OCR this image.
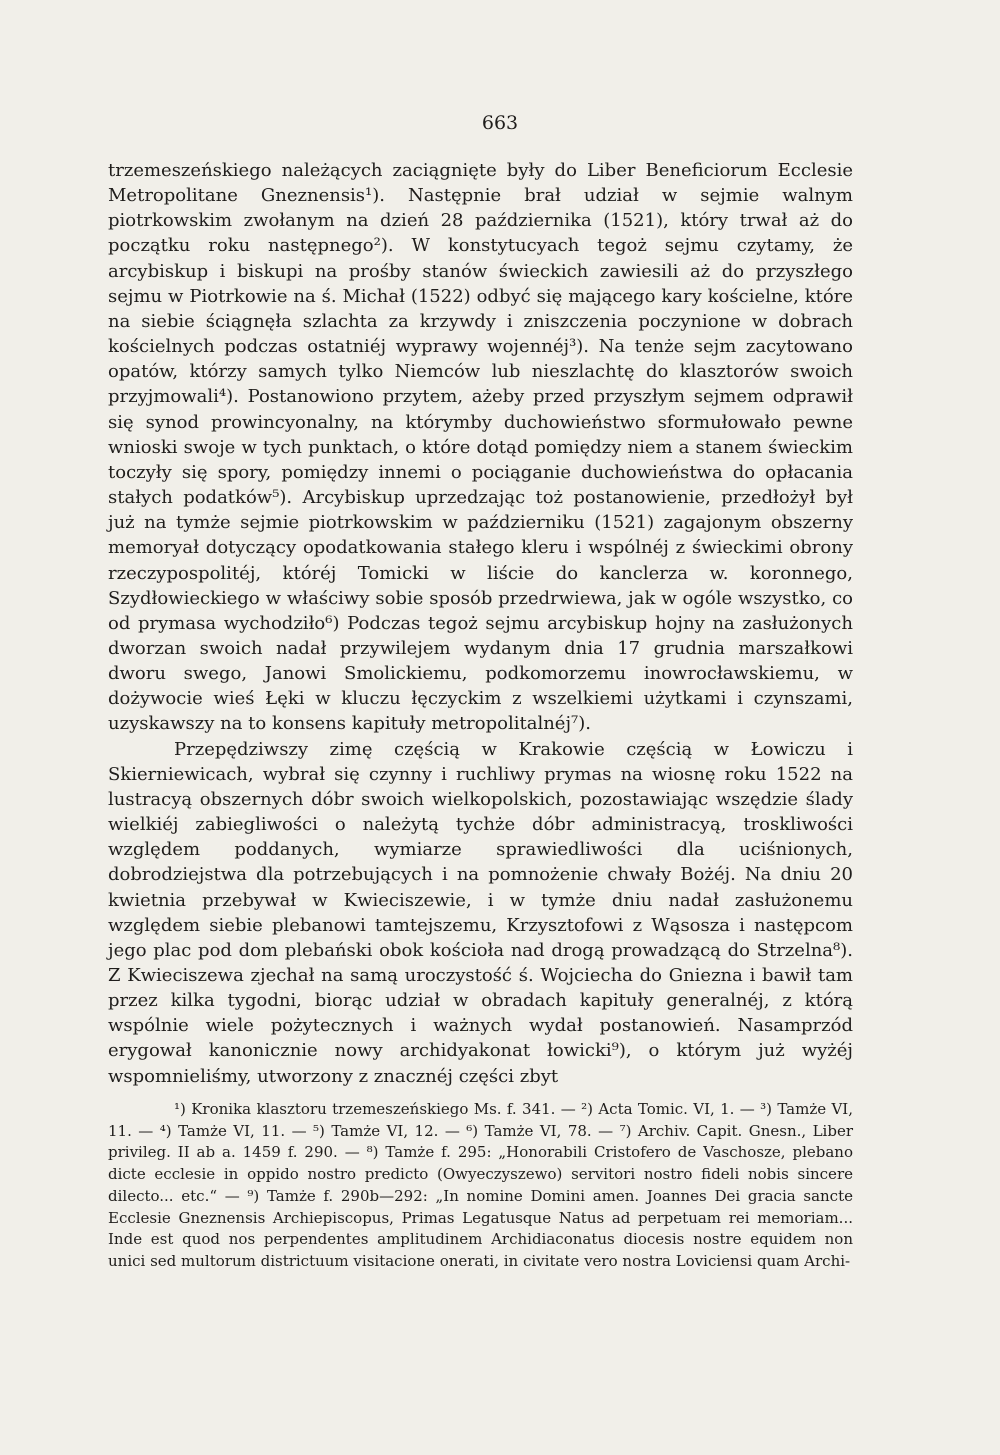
663

trzemeszeńskiego należących zaciągnięte były do Liber Beneficiorum Ecclesie Metropolitane Gneznensis¹). Następnie brał udział w sejmie walnym piotrkowskim zwołanym na dzień 28 października (1521), który trwał aż do początku roku następnego²). W konstytucyach tegoż sejmu czytamy, że arcybiskup i biskupi na prośby stanów świeckich zawiesili aż do przyszłego sejmu w Piotrkowie na ś. Michał (1522) odbyć się mającego kary kościelne, które na siebie ściągnęła szlachta za krzywdy i zniszczenia poczynione w dobrach kościelnych podczas ostatniéj wyprawy wojennéj³). Na tenże sejm zacytowano opatów, którzy samych tylko Niemców lub nieszlachtę do klasztorów swoich przyjmowali⁴). Postanowiono przytem, ażeby przed przyszłym sejmem odprawił się synod prowincyonalny, na którymby duchowieństwo sformułowało pewne wnioski swoje w tych punktach, o które dotąd pomiędzy niem a stanem świeckim toczyły się spory, pomiędzy innemi o pociąganie duchowieństwa do opłacania stałych podatków⁵). Arcybiskup uprzedzając toż postanowienie, przedłożył był już na tymże sejmie piotrkowskim w październiku (1521) zagajonym obszerny memoryał dotyczący opodatkowania stałego kleru i wspólnéj z świeckimi obrony rzeczypospolitéj, któréj Tomicki w liście do kanclerza w. koronnego, Szydłowieckiego w właściwy sobie sposób przedrwiewa, jak w ogóle wszystko, co od prymasa wychodziło⁶) Podczas tegoż sejmu arcybiskup hojny na zasłużonych dworzan swoich nadał przywilejem wydanym dnia 17 grudnia marszałkowi dworu swego, Janowi Smolickiemu, podkomorzemu inowrocławskiemu, w dożywocie wieś Łęki w kluczu łęczyckim z wszelkiemi użytkami i czynszami, uzyskawszy na to konsens kapituły metropolitalnéj⁷).

Przepędziwszy zimę częścią w Krakowie częścią w Łowiczu i Skierniewicach, wybrał się czynny i ruchliwy prymas na wiosnę roku 1522 na lustracyą obszernych dóbr swoich wielkopolskich, pozostawiając wszędzie ślady wielkiéj zabiegliwości o należytą tychże dóbr administracyą, troskliwości względem poddanych, wymiarze sprawiedliwości dla uciśnionych, dobrodziejstwa dla potrzebujących i na pomnożenie chwały Bożéj. Na dniu 20 kwietnia przebywał w Kwieciszewie, i w tymże dniu nadał zasłużonemu względem siebie plebanowi tamtejszemu, Krzysztofowi z Wąsosza i następcom jego plac pod dom plebański obok kościoła nad drogą prowadzącą do Strzelna⁸). Z Kwieciszewa zjechał na samą uroczystość ś. Wojciecha do Gniezna i bawił tam przez kilka tygodni, biorąc udział w obradach kapituły generalnéj, z którą wspólnie wiele pożytecznych i ważnych wydał postanowień. Nasamprzód erygował kanonicznie nowy archidyakonat łowicki⁹), o którym już wyżéj wspomnieliśmy, utworzony z znacznéj części zbyt

¹) Kronika klasztoru trzemeszeńskiego Ms. f. 341. — ²) Acta Tomic. VI, 1. — ³) Tamże VI, 11. — ⁴) Tamże VI, 11. — ⁵) Tamże VI, 12. — ⁶) Tamże VI, 78. — ⁷) Archiv. Capit. Gnesn., Liber privileg. II ab a. 1459 f. 290. — ⁸) Tamże f. 295: „Honorabili Cristofero de Vaschosze, plebano dicte ecclesie in oppido nostro predicto (Owyeczyszewo) servitori nostro fideli nobis sincere dilecto... etc.“ — ⁹) Tamże f. 290b—292: „In nomine Domini amen. Joannes Dei gracia sancte Ecclesie Gneznensis Archiepiscopus, Primas Legatusque Natus ad perpetuam rei memoriam... Inde est quod nos perpendentes amplitudinem Archidiaconatus diocesis nostre equidem non unici sed multorum districtuum visitacione onerati, in civitate vero nostra Loviciensi quam Archi-
